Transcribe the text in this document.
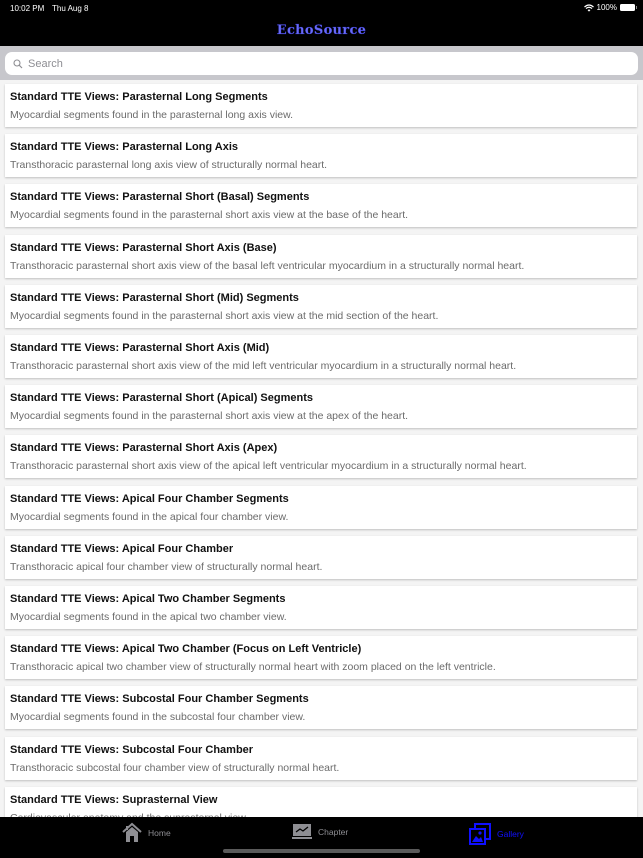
10:02 PM Thu Aug 8	100%
EchoSource
Search
Standard TTE Views: Parasternal Long Segments
Myocardial segments found in the parasternal long axis view.
Standard TTE Views: Parasternal Long Axis
Transthoracic parasternal long axis view of structurally normal heart.
Standard TTE Views: Parasternal Short (Basal) Segments
Myocardial segments found in the parasternal short axis view at the base of the heart.
Standard TTE Views: Parasternal Short Axis (Base)
Transthoracic parasternal short axis view of the basal left ventricular myocardium in a structurally normal heart.
Standard TTE Views: Parasternal Short (Mid) Segments
Myocardial segments found in the parasternal short axis view at the mid section of the heart.
Standard TTE Views: Parasternal Short Axis (Mid)
Transthoracic parasternal short axis view of the mid left ventricular myocardium in a structurally normal heart.
Standard TTE Views: Parasternal Short (Apical) Segments
Myocardial segments found in the parasternal short axis view at the apex of the heart.
Standard TTE Views: Parasternal Short Axis (Apex)
Transthoracic parasternal short axis view of the apical left ventricular myocardium in a structurally normal heart.
Standard TTE Views: Apical Four Chamber Segments
Myocardial segments found in the apical four chamber view.
Standard TTE Views: Apical Four Chamber
Transthoracic apical four chamber view of structurally normal heart.
Standard TTE Views: Apical Two Chamber Segments
Myocardial segments found in the apical two chamber view.
Standard TTE Views: Apical Two Chamber (Focus on Left Ventricle)
Transthoracic apical two chamber view of structurally normal heart with zoom placed on the left ventricle.
Standard TTE Views: Subcostal Four Chamber Segments
Myocardial segments found in the subcostal four chamber view.
Standard TTE Views: Subcostal Four Chamber
Transthoracic subcostal four chamber view of structurally normal heart.
Standard TTE Views: Suprasternal View
Home	Chapter	Gallery
